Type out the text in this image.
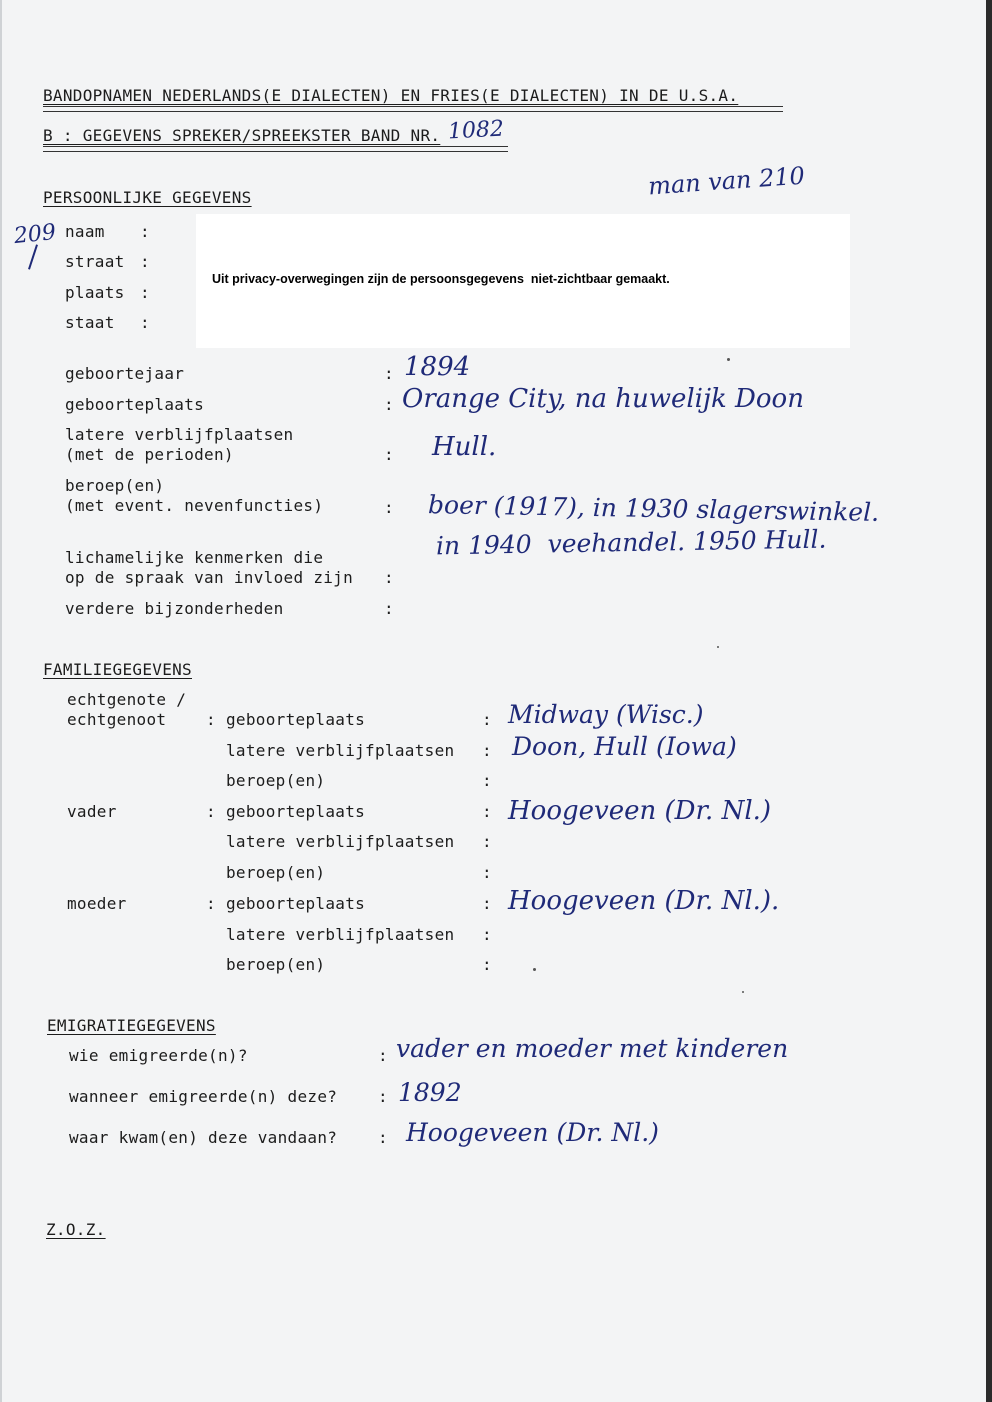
BANDOPNAMEN NEDERLANDS(E DIALECTEN) EN FRIES(E DIALECTEN) IN DE U.S.A.
B : GEGEVENS SPREKER/SPREEKSTER BAND NR. 1082
man van 210
PERSOONLIJKE GEGEVENS
209 naam :
straat :
plaats :
staat :
Uit privacy-overwegingen zijn de persoonsgegevens  niet-zichtbaar gemaakt.
geboortejaar	: 1894
geboorteplaats	: Orange City, na huwelijk Doon
latere verblijfplaatsen
(met de perioden)	: Hull.
beroep(en)
(met event. nevenfuncties)	: boer (1917), in 1930 slagerswinkel.
in 1940  veehandel. 1950 Hull.
lichamelijke kenmerken die
op de spraak van invloed zijn :
verdere bijzonderheden	:
FAMILIEGEGEVENS
echtgenote /
echtgenoot : geboorteplaats	: Midway (Wisc.)
latere verblijfplaatsen : Doon, Hull (Iowa)
beroep(en)	:
vader	: geboorteplaats	: Hoogeveen (Dr. Nl.)
latere verblijfplaatsen :
beroep(en)	:
moeder	: geboorteplaats	: Hoogeveen (Dr. Nl.).
latere verblijfplaatsen :
beroep(en)	:
EMIGRATIEGEGEVENS
wie emigreerde(n)?	: vader en moeder met kinderen
wanneer emigreerde(n) deze?	: 1892
waar kwam(en) deze vandaan?	: Hoogeveen (Dr. Nl.)
Z.O.Z.
